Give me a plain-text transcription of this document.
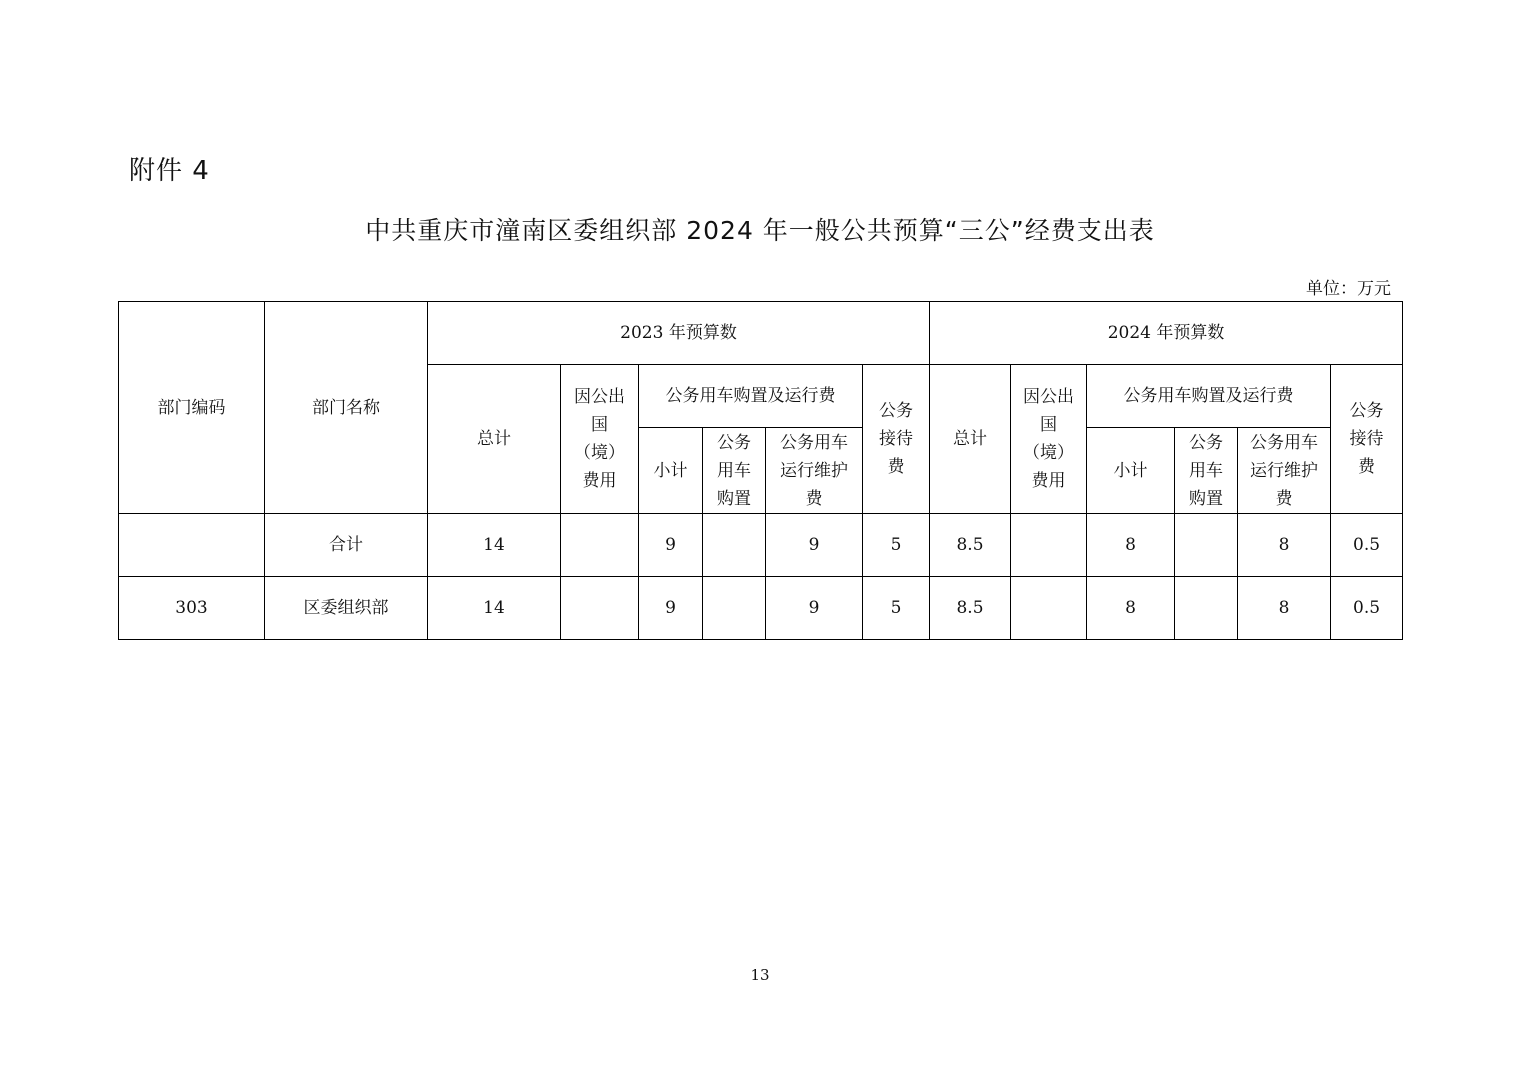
附件 4
中共重庆市潼南区委组织部 2024 年一般公共预算“三公”经费支出表
单位：万元
部门编码	部门名称	2023 年预算数						2024 年预算数					
		总计	因公出国（境）费用	公务用车购置及运行费			公务接待费	总计	因公出国（境）费用	公务用车购置及运行费			公务接待费
				小计	公务用车购置	公务用车运行维护费				小计	公务用车购置	公务用车运行维护费	
	合计	14		9		9	5	8.5		8		8	0.5
303	区委组织部	14		9		9	5	8.5		8		8	0.5
13
